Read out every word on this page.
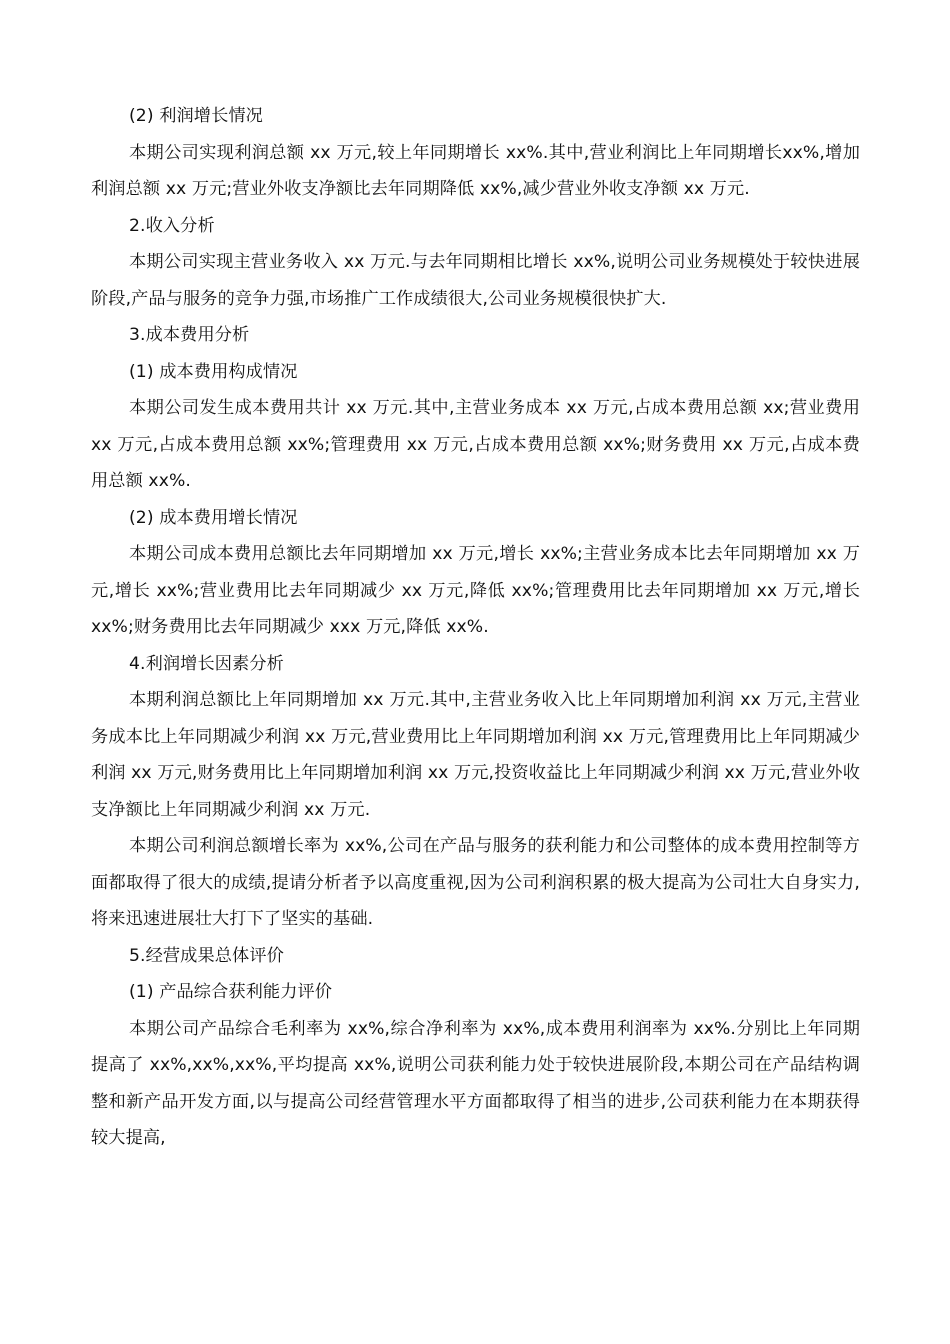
(2) 利润增长情况

本期公司实现利润总额 xx 万元,较上年同期增长 xx%.其中,营业利润比上年同期增长xx%,增加利润总额 xx 万元;营业外收支净额比去年同期降低 xx%,减少营业外收支净额 xx 万元.

2.收入分析

本期公司实现主营业务收入 xx 万元.与去年同期相比增长 xx%,说明公司业务规模处于较快进展阶段,产品与服务的竞争力强,市场推广工作成绩很大,公司业务规模很快扩大.

3.成本费用分析

(1) 成本费用构成情况

本期公司发生成本费用共计 xx 万元.其中,主营业务成本 xx 万元,占成本费用总额 xx;营业费用 xx 万元,占成本费用总额 xx%;管理费用 xx 万元,占成本费用总额 xx%;财务费用 xx 万元,占成本费用总额 xx%.

(2) 成本费用增长情况

本期公司成本费用总额比去年同期增加 xx 万元,增长 xx%;主营业务成本比去年同期增加 xx 万元,增长 xx%;营业费用比去年同期减少 xx 万元,降低 xx%;管理费用比去年同期增加 xx 万元,增长 xx%;财务费用比去年同期减少 xxx 万元,降低 xx%.

4.利润增长因素分析

本期利润总额比上年同期增加 xx 万元.其中,主营业务收入比上年同期增加利润 xx 万元,主营业务成本比上年同期减少利润 xx 万元,营业费用比上年同期增加利润 xx 万元,管理费用比上年同期减少利润 xx 万元,财务费用比上年同期增加利润 xx 万元,投资收益比上年同期减少利润 xx 万元,营业外收支净额比上年同期减少利润 xx 万元.

本期公司利润总额增长率为 xx%,公司在产品与服务的获利能力和公司整体的成本费用控制等方面都取得了很大的成绩,提请分析者予以高度重视,因为公司利润积累的极大提高为公司壮大自身实力,将来迅速进展壮大打下了坚实的基础.

5.经营成果总体评价

(1) 产品综合获利能力评价

本期公司产品综合毛利率为 xx%,综合净利率为 xx%,成本费用利润率为 xx%.分别比上年同期提高了 xx%,xx%,xx%,平均提高 xx%,说明公司获利能力处于较快进展阶段,本期公司在产品结构调整和新产品开发方面,以与提高公司经营管理水平方面都取得了相当的进步,公司获利能力在本期获得较大提高,
